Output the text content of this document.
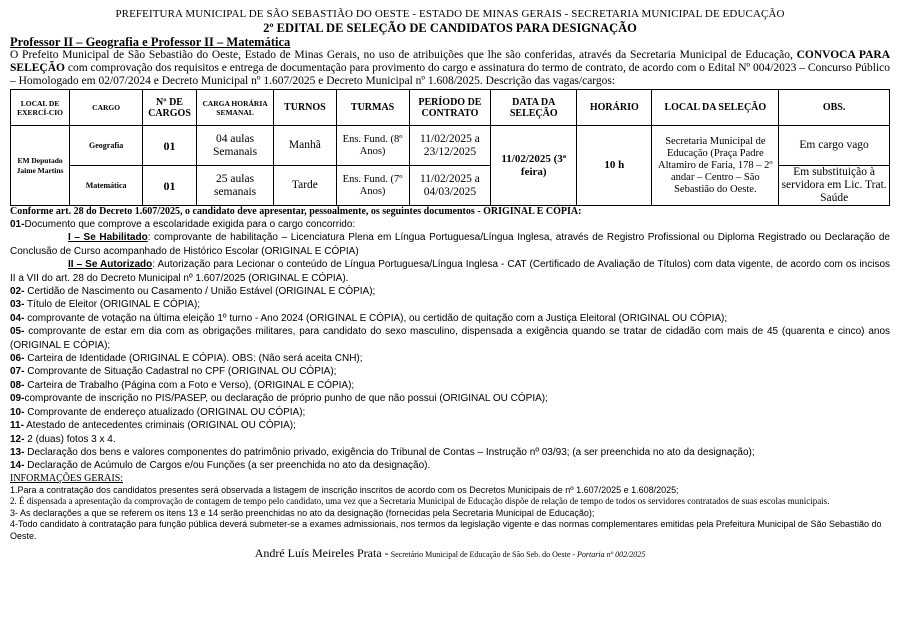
PREFEITURA MUNICIPAL DE SÃO SEBASTIÃO DO OESTE - ESTADO DE MINAS GERAIS - SECRETARIA MUNICIPAL DE EDUCAÇÃO
2º EDITAL DE SELEÇÃO DE CANDIDATOS PARA DESIGNAÇÃO
Professor II – Geografia e Professor II – Matemática
O Prefeito Municipal de São Sebastião do Oeste, Estado de Minas Gerais, no uso de atribuições que lhe são conferidas, através da Secretaria Municipal de Educação, CONVOCA PARA SELEÇÃO com comprovação dos requisitos e entrega de documentação para provimento do cargo e assinatura do termo de contrato, de acordo com o Edital Nº 004/2023 – Concurso Público – Homologado em 02/07/2024 e Decreto Municipal nº 1.607/2025 e Decreto Municipal nº 1.608/2025. Descrição das vagas/cargos:
LOCAL DE EXERCÍ-CIO	CARGO	Nº DE CARGOS	CARGA HORÁRIA SEMANAL	TURNOS	TURMAS	PERÍODO DE CONTRATO	DATA DA SELEÇÃO	HORÁRIO	LOCAL DA SELEÇÃO	OBS.
EM Deputado Jaime Martins	Geografia	01	04 aulas Semanais	Manhã	Ens. Fund. (8º Anos)	11/02/2025 a 23/12/2025	11/02/2025 (3ª feira)	10 h	Secretaria Municipal de Educação (Praça Padre Altamiro de Faria, 178 – 2º andar – Centro – São Sebastião do Oeste.	Em cargo vago
	Matemática	01	25 aulas semanais	Tarde	Ens. Fund. (7º Anos)	11/02/2025 a 04/03/2025				Em substituição à servidora em Lic. Trat. Saúde
Conforme art. 28 do Decreto 1.607/2025, o candidato deve apresentar, pessoalmente, os seguintes documentos - ORIGINAL E CÓPIA:
01-Documento que comprove a escolaridade exigida para o cargo concorrido:
I – Se Habilitado: comprovante de habilitação – Licenciatura Plena em Língua Portuguesa/Língua Inglesa, através de Registro Profissional ou Diploma Registrado ou Declaração de Conclusão de Curso acompanhado de Histórico Escolar (ORIGINAL E CÓPIA)
II – Se Autorizado: Autorização para Lecionar o conteúdo de Língua Portuguesa/Língua Inglesa - CAT (Certificado de Avaliação de Títulos) com data vigente, de acordo com os incisos II a VII do art. 28 do Decreto Municipal nº 1.607/2025 (ORIGINAL E CÓPIA).
02- Certidão de Nascimento ou Casamento / União Estável (ORIGINAL E CÓPIA);
03- Título de Eleitor (ORIGINAL E CÓPIA);
04- comprovante de votação na última eleição 1º turno - Ano 2024 (ORIGINAL E CÓPIA), ou certidão de quitação com a Justiça Eleitoral (ORIGINAL OU CÓPIA);
05- comprovante de estar em dia com as obrigações militares, para candidato do sexo masculino, dispensada a exigência quando se tratar de cidadão com mais de 45 (quarenta e cinco) anos (ORIGINAL E CÓPIA);
06- Carteira de Identidade (ORIGINAL E CÓPIA). OBS: (Não será aceita CNH);
07- Comprovante de Situação Cadastral no CPF (ORIGINAL OU CÓPIA);
08- Carteira de Trabalho (Página com a Foto e Verso), (ORIGINAL E CÓPIA);
09-comprovante de inscrição no PIS/PASEP, ou declaração de próprio punho de que não possui (ORIGINAL OU CÓPIA);
10- Comprovante de endereço atualizado (ORIGINAL OU CÓPIA);
11- Atestado de antecedentes criminais (ORIGINAL OU CÓPIA);
12- 2 (duas) fotos 3 x 4.
13- Declaração dos bens e valores componentes do patrimônio privado, exigência do Tribunal de Contas – Instrução nº 03/93; (a ser preenchida no ato da designação);
14- Declaração de Acúmulo de Cargos e/ou Funções (a ser preenchida no ato da designação).
INFORMAÇÕES GERAIS:
1.Para a contratação dos candidatos presentes será observada a listagem de inscrição inscritos de acordo com os Decretos Municipais de nº 1.607/2025 e 1.608/2025;
2. É dispensada a apresentação da comprovação de contagem de tempo pelo candidato, uma vez que a Secretaria Municipal de Educação dispõe de relação de tempo de todos os servidores contratados de suas escolas municipais.
3- As declarações a que se referem os itens 13 e 14 serão preenchidas no ato da designação (fornecidas pela Secretaria Municipal de Educação);
4-Todo candidato à contratação para função pública deverá submeter-se a exames admissionais, nos termos da legislação vigente e das normas complementares emitidas pela Prefeitura Municipal de São Sebastião do Oeste.
André Luís Meireles Prata - Secretário Municipal de Educação de São Seb. do Oeste - Portaria nº 002/2025
